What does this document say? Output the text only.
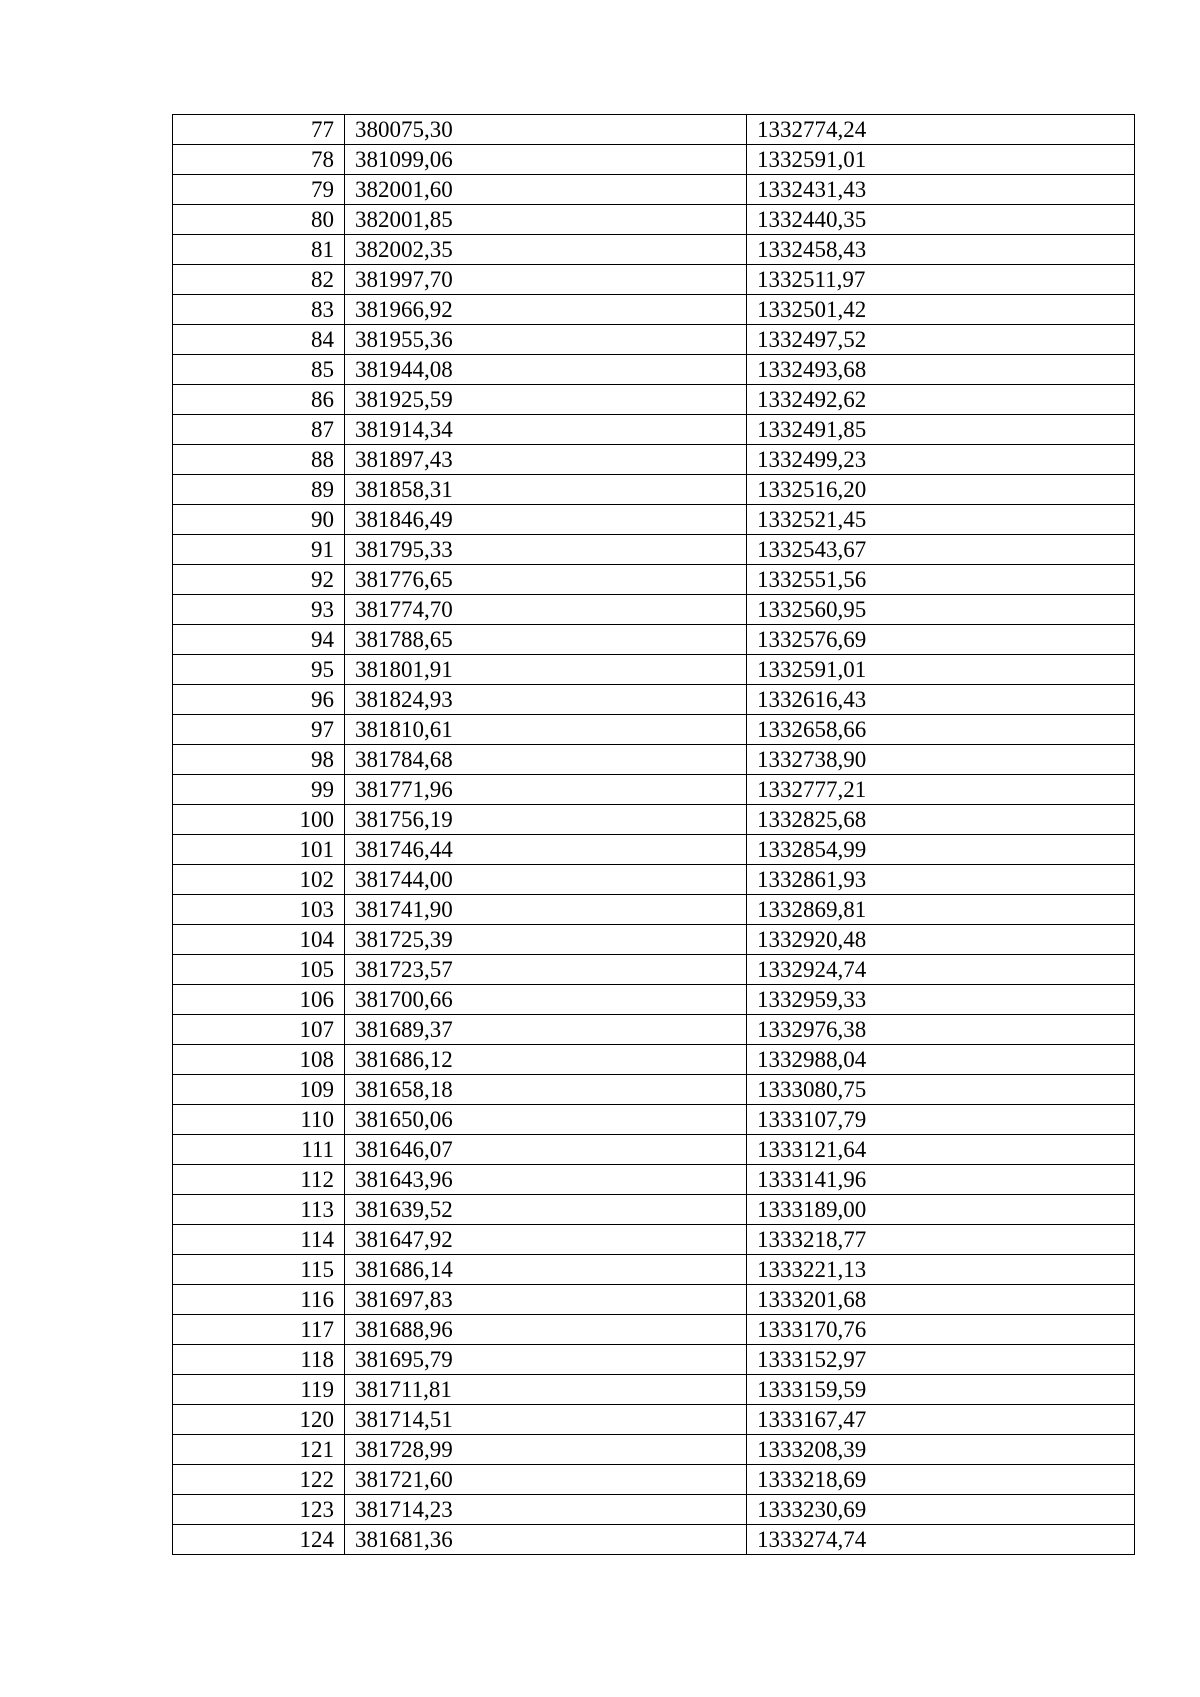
77	380075,30	1332774,24
78	381099,06	1332591,01
79	382001,60	1332431,43
80	382001,85	1332440,35
81	382002,35	1332458,43
82	381997,70	1332511,97
83	381966,92	1332501,42
84	381955,36	1332497,52
85	381944,08	1332493,68
86	381925,59	1332492,62
87	381914,34	1332491,85
88	381897,43	1332499,23
89	381858,31	1332516,20
90	381846,49	1332521,45
91	381795,33	1332543,67
92	381776,65	1332551,56
93	381774,70	1332560,95
94	381788,65	1332576,69
95	381801,91	1332591,01
96	381824,93	1332616,43
97	381810,61	1332658,66
98	381784,68	1332738,90
99	381771,96	1332777,21
100	381756,19	1332825,68
101	381746,44	1332854,99
102	381744,00	1332861,93
103	381741,90	1332869,81
104	381725,39	1332920,48
105	381723,57	1332924,74
106	381700,66	1332959,33
107	381689,37	1332976,38
108	381686,12	1332988,04
109	381658,18	1333080,75
110	381650,06	1333107,79
111	381646,07	1333121,64
112	381643,96	1333141,96
113	381639,52	1333189,00
114	381647,92	1333218,77
115	381686,14	1333221,13
116	381697,83	1333201,68
117	381688,96	1333170,76
118	381695,79	1333152,97
119	381711,81	1333159,59
120	381714,51	1333167,47
121	381728,99	1333208,39
122	381721,60	1333218,69
123	381714,23	1333230,69
124	381681,36	1333274,74
